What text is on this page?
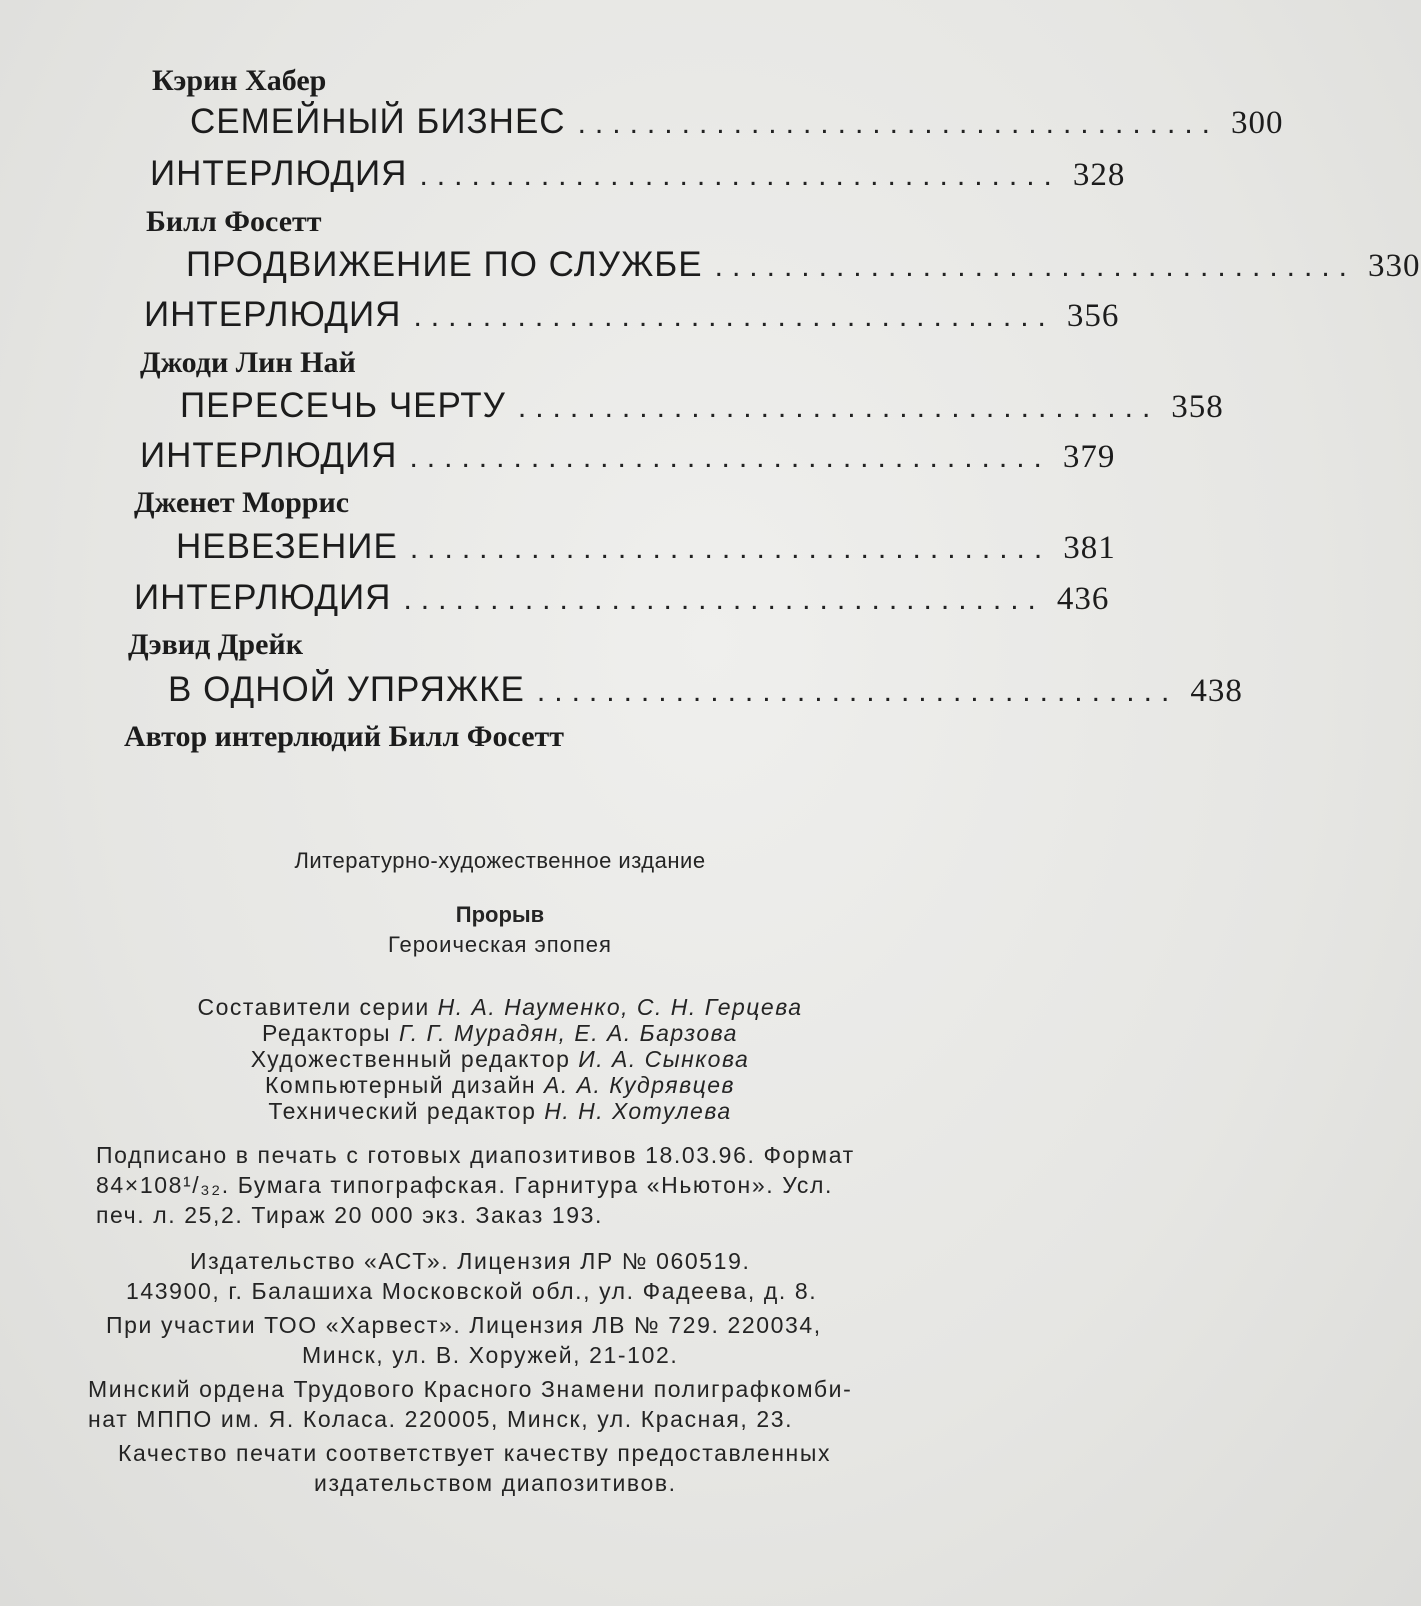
Кэрин Хабер
СЕМЕЙНЫЙ БИЗНЕС ..................................... 300
ИНТЕРЛЮДИЯ ..................................... 328
Билл Фосетт
ПРОДВИЖЕНИЕ ПО СЛУЖБЕ ..................................... 330
ИНТЕРЛЮДИЯ ..................................... 356
Джоди Лин Най
ПЕРЕСЕЧЬ ЧЕРТУ ..................................... 358
ИНТЕРЛЮДИЯ ..................................... 379
Дженет Моррис
НЕВЕЗЕНИЕ ..................................... 381
ИНТЕРЛЮДИЯ ..................................... 436
Дэвид Дрейк
В ОДНОЙ УПРЯЖКЕ ..................................... 438
Автор интерлюдий Билл Фосетт
Литературно-художественное издание
Прорыв
Героическая эпопея
Составители серии Н. А. Науменко, С. Н. Герцева
Редакторы Г. Г. Мурадян, Е. А. Барзова
Художественный редактор И. А. Сынкова
Компьютерный дизайн А. А. Кудрявцев
Технический редактор Н. Н. Хотулева
Подписано в печать с готовых диапозитивов 18.03.96. Формат
84×108¹/₃₂. Бумага типографская. Гарнитура «Ньютон». Усл.
печ. л. 25,2. Тираж 20 000 экз. Заказ 193.
Издательство «АСТ». Лицензия ЛР № 060519.
143900, г. Балашиха Московской обл., ул. Фадеева, д. 8.
При участии ТОО «Харвест». Лицензия ЛВ № 729. 220034,
Минск, ул. В. Хоружей, 21-102.
Минский ордена Трудового Красного Знамени полиграфкомби-
нат МППО им. Я. Коласа. 220005, Минск, ул. Красная, 23.
Качество печати соответствует качеству предоставленных
издательством диапозитивов.
